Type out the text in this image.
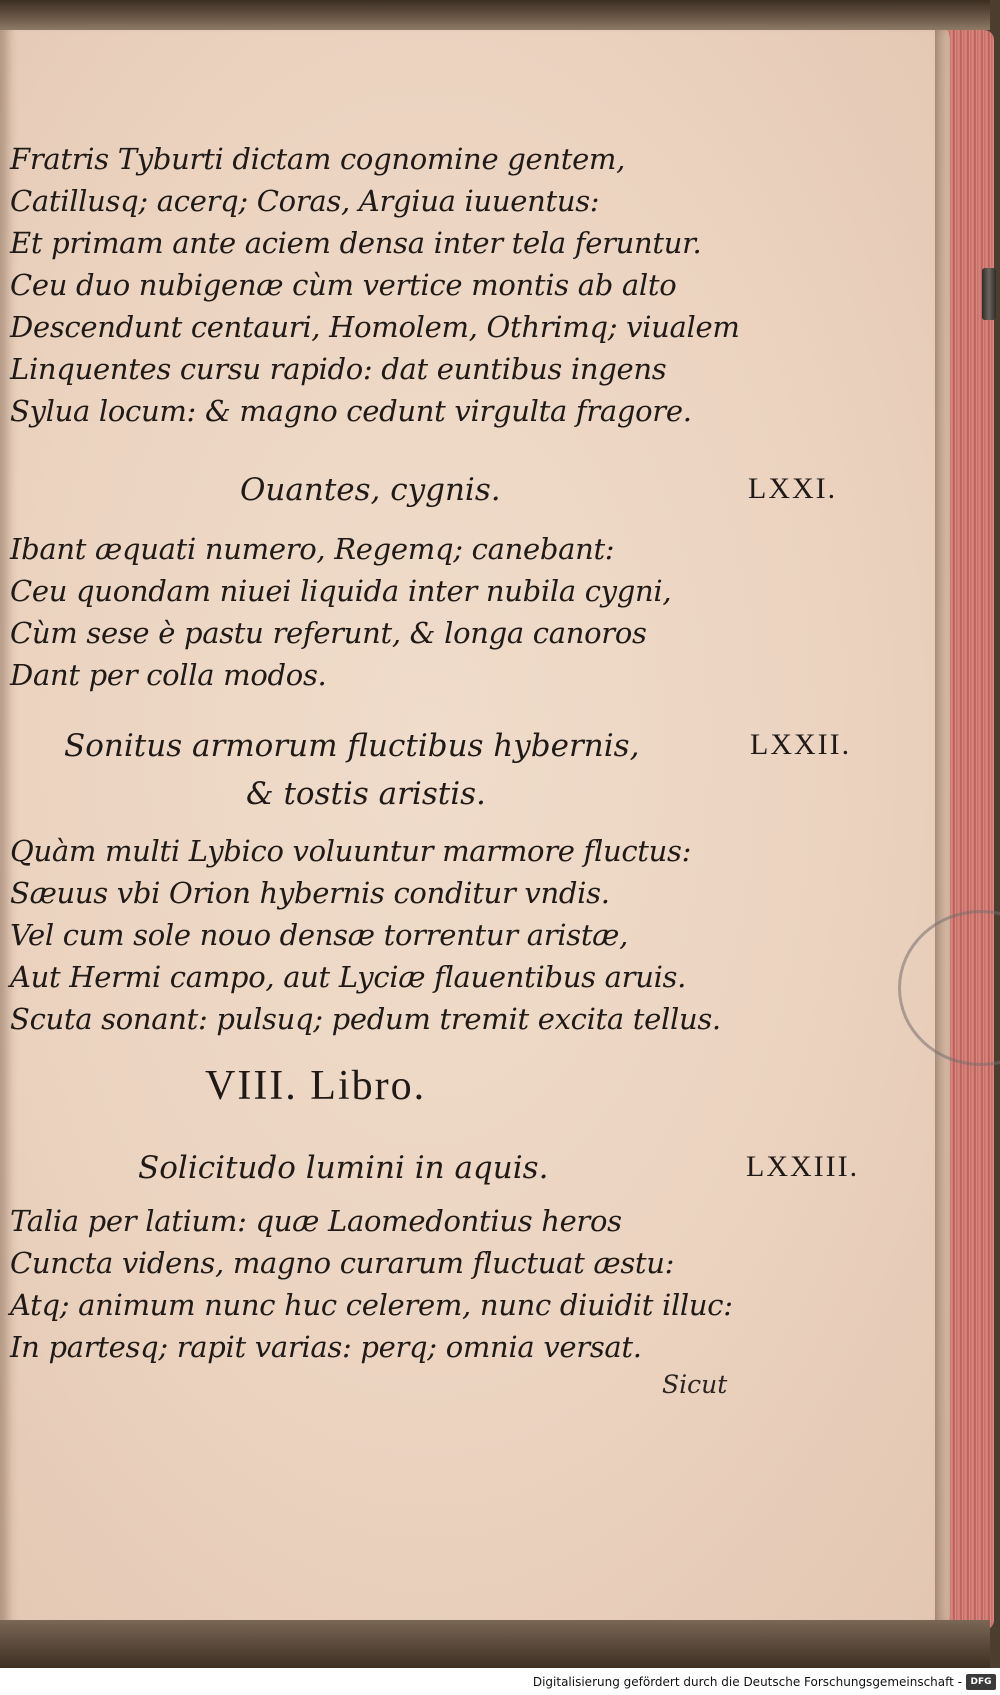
Fratris Tyburti dictam cognomine gentem,
Catillusq; acerq; Coras, Argiua iuuentus:
Et primam ante aciem densa inter tela feruntur.
Ceu duo nubigenæ cùm vertice montis ab alto
Descendunt centauri, Homolem, Othrimq; viualem
Linquentes cursu rapido: dat euntibus ingens
Sylua locum: & magno cedunt virgulta fragore.
Ouantes, cygnis.	LXXI.
Ibant æquati numero, Regemq; canebant:
Ceu quondam niuei liquida inter nubila cygni,
Cùm sese è pastu referunt, & longa canoros
Dant per colla modos.
Sonitus armorum fluctibus hybernis,	LXXII.
& tostis aristis.
Quàm multi Lybico voluuntur marmore fluctus:
Sæuus vbi Orion hybernis conditur vndis.
Vel cum sole nouo densæ torrentur aristæ,
Aut Hermi campo, aut Lyciæ flauentibus aruis.
Scuta sonant: pulsuq; pedum tremit excita tellus.
VIII. Libro.
Solicitudo lumini in aquis.	LXXIII.
Talia per latium: quæ Laomedontius heros
Cuncta videns, magno curarum fluctuat æstu:
Atq; animum nunc huc celerem, nunc diuidit illuc:
In partesq; rapit varias: perq; omnia versat.
Sicut
Digitalisierung gefördert durch die Deutsche Forschungsgemeinschaft - DFG
